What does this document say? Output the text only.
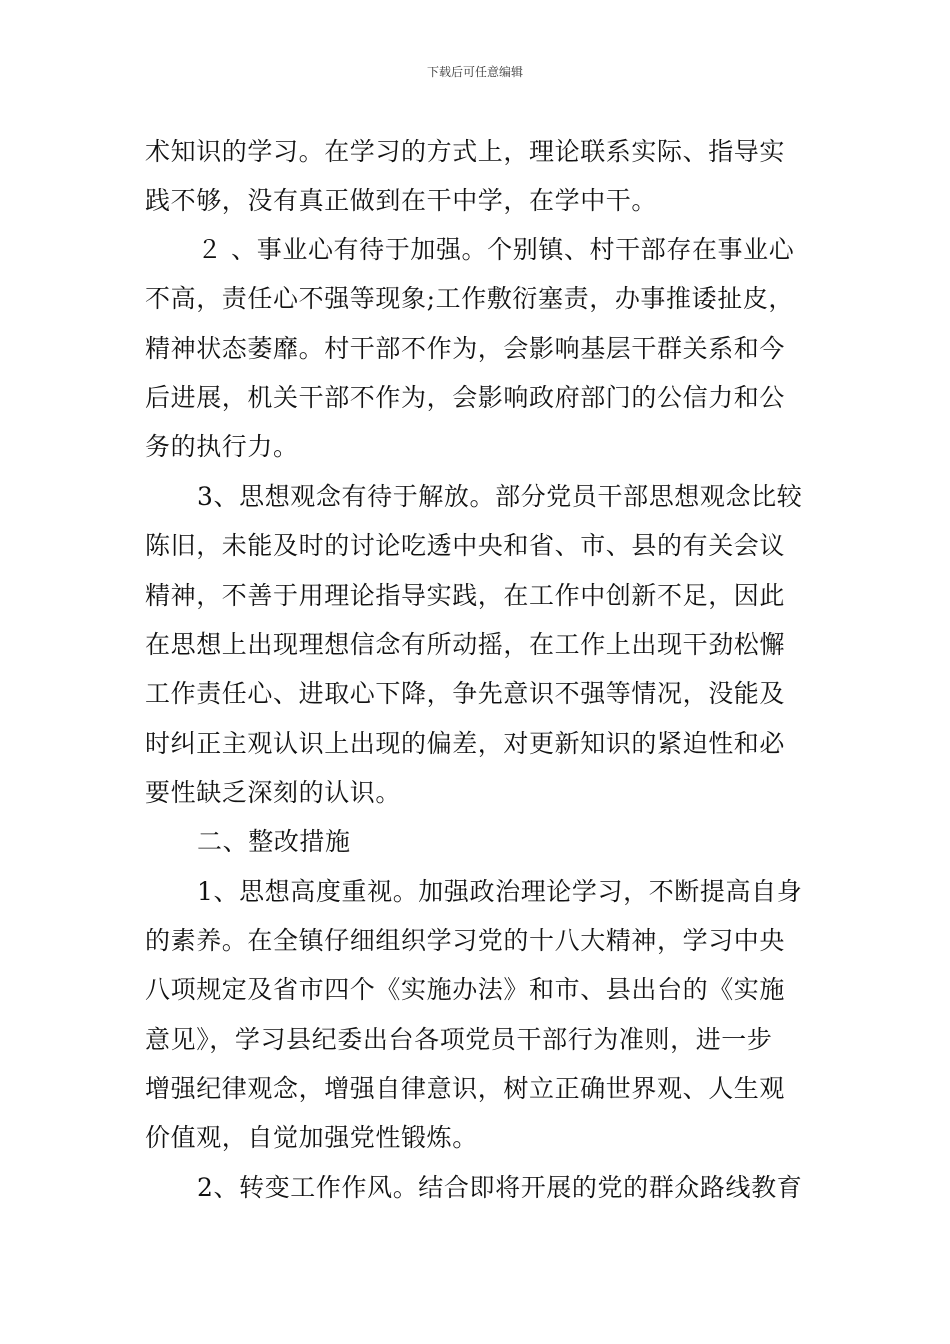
下载后可任意编辑
术知识的学习。在学习的方式上，理论联系实际、指导实
践不够，没有真正做到在干中学，在学中干。
２ 、事业心有待于加强。个别镇、村干部存在事业心
不高，责任心不强等现象;工作敷衍塞责，办事推诿扯皮，
精神状态萎靡。村干部不作为，会影响基层干群关系和今
后进展，机关干部不作为，会影响政府部门的公信力和公
务的执行力。
3、思想观念有待于解放。部分党员干部思想观念比较
陈旧，未能及时的讨论吃透中央和省、市、县的有关会议
精神，不善于用理论指导实践，在工作中创新不足，因此
在思想上出现理想信念有所动摇，在工作上出现干劲松懈
工作责任心、进取心下降，争先意识不强等情况，没能及
时纠正主观认识上出现的偏差，对更新知识的紧迫性和必
要性缺乏深刻的认识。
二、整改措施
1、思想高度重视。加强政治理论学习，不断提高自身
的素养。在全镇仔细组织学习党的十八大精神，学习中央
八项规定及省市四个《实施办法》和市、县出台的《实施
意见》，学习县纪委出台各项党员干部行为准则，进一步
增强纪律观念，增强自律意识，树立正确世界观、人生观
价值观，自觉加强党性锻炼。
2、转变工作作风。结合即将开展的党的群众路线教育
